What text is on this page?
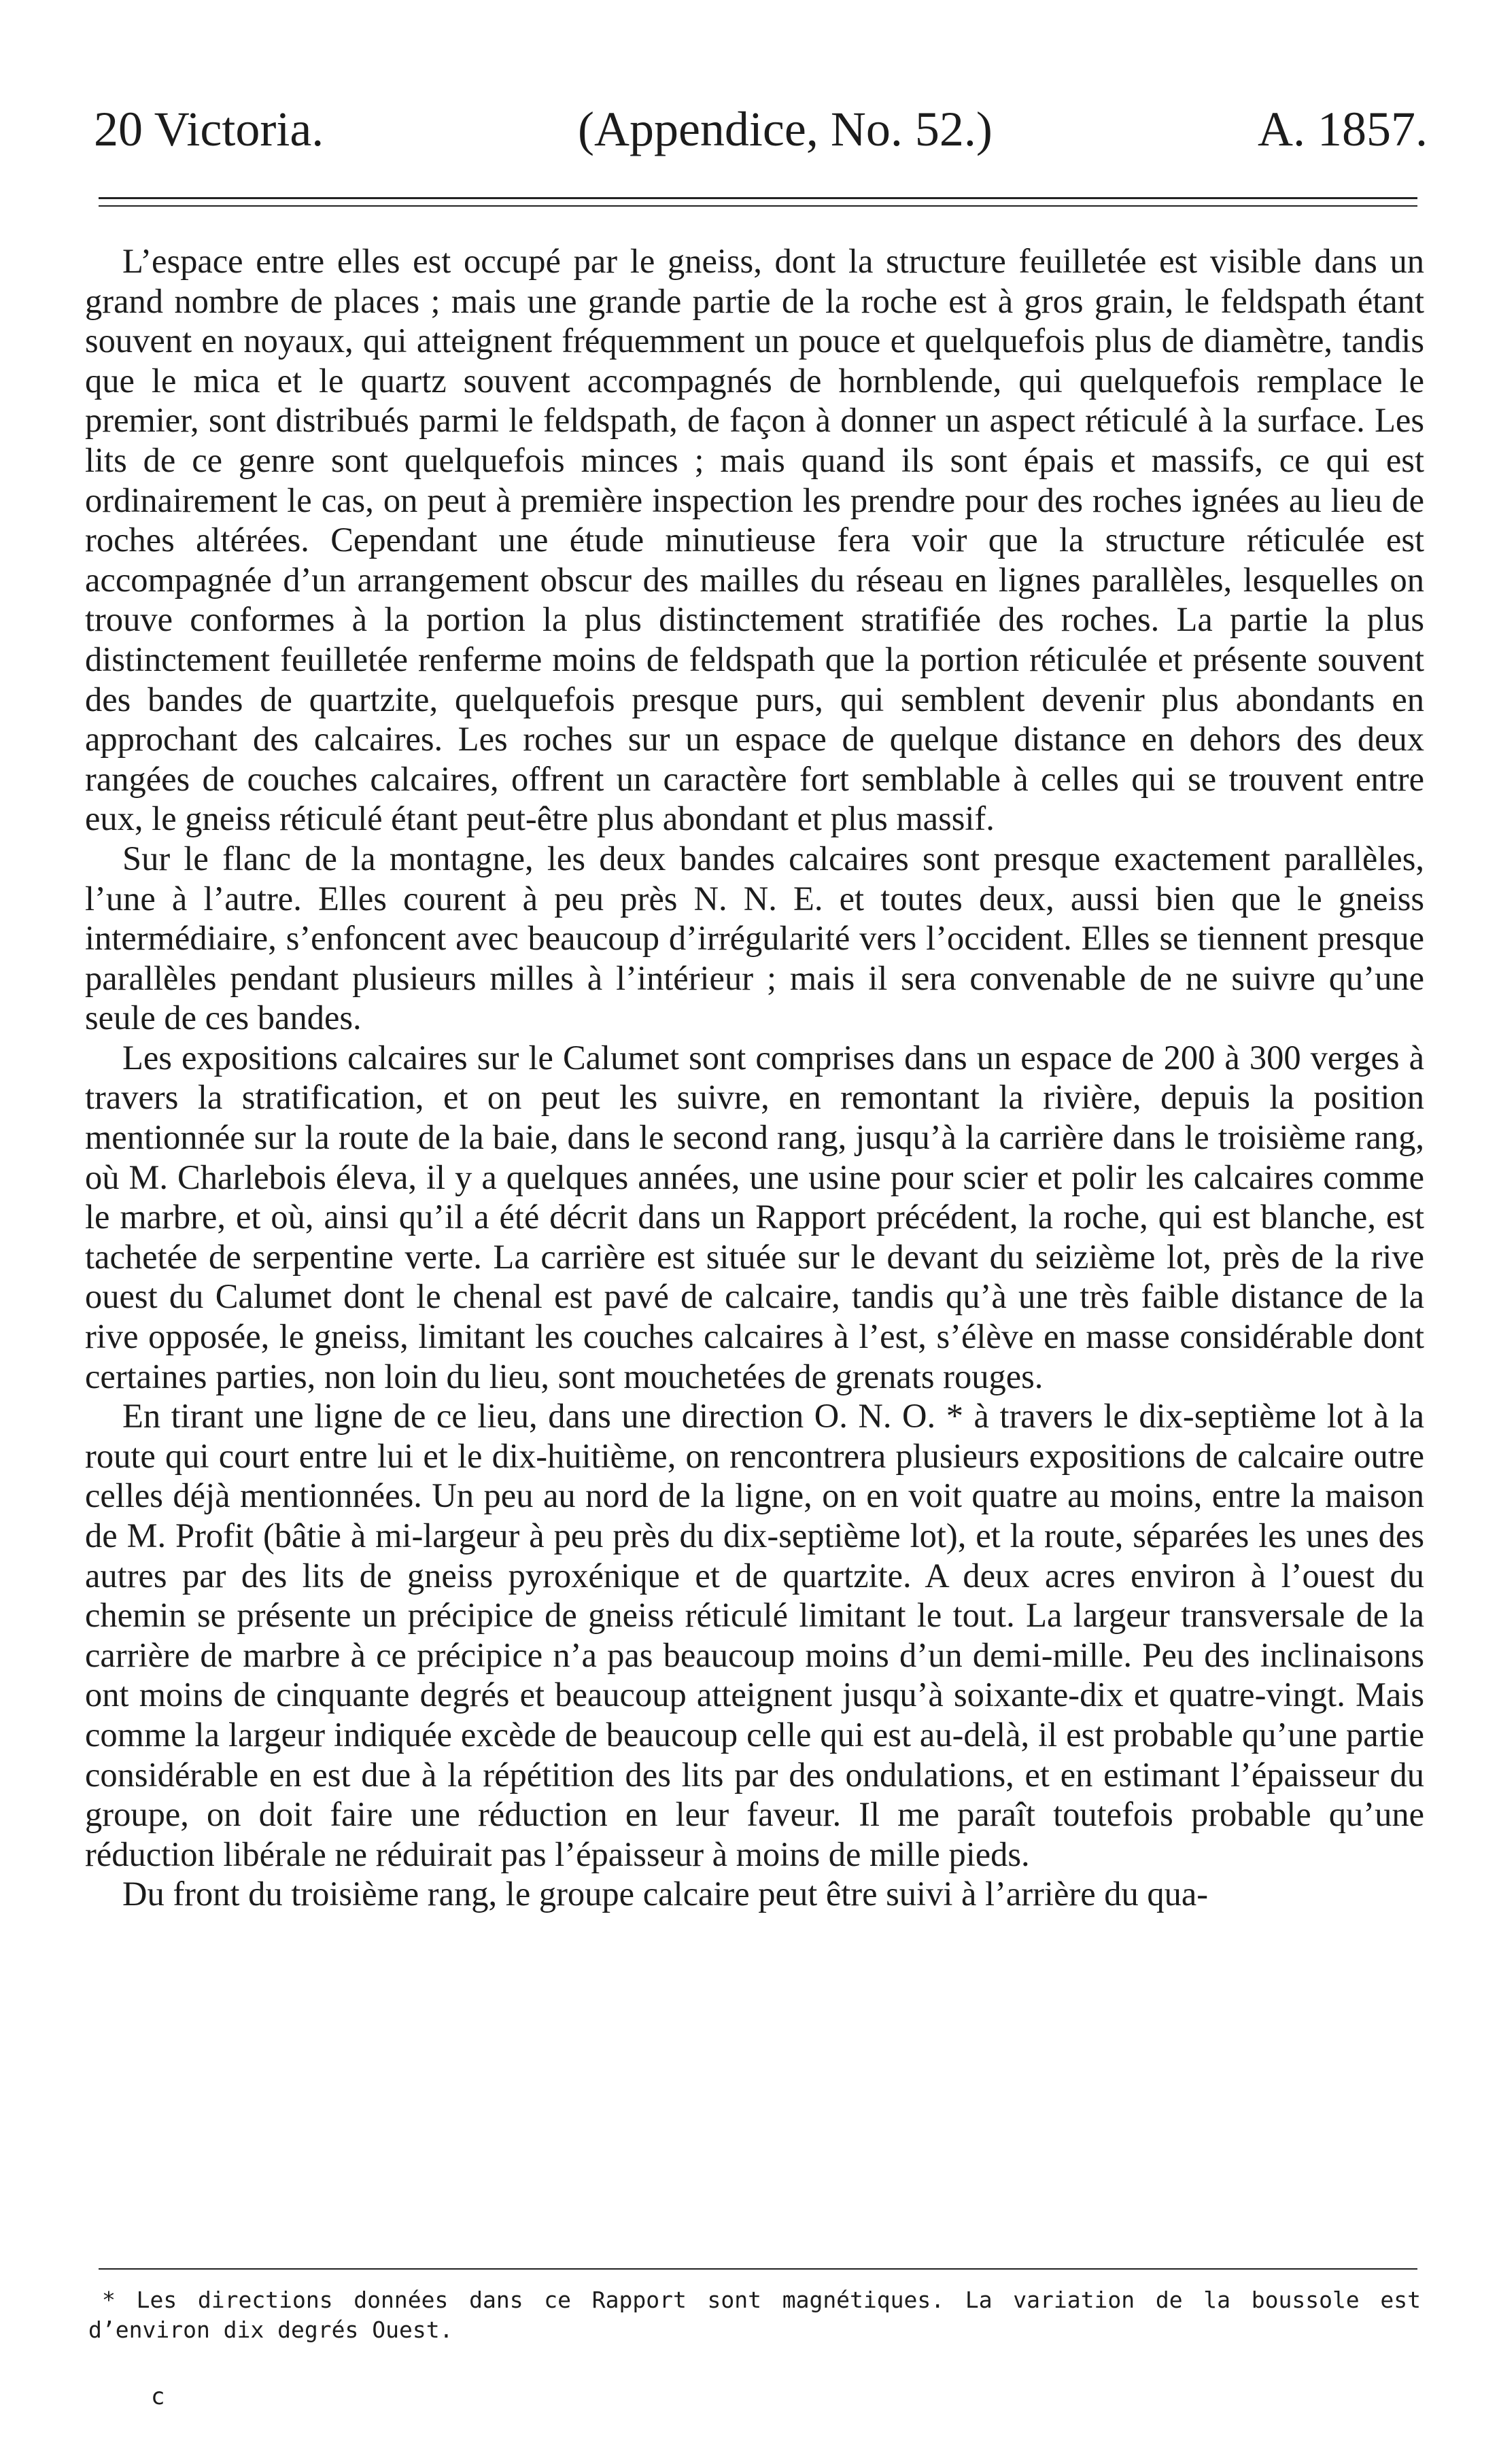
20 Victoria.	(Appendice, No. 52.)	A. 1857.

L’espace entre elles est occupé par le gneiss, dont la structure feuilletée est visible dans un grand nombre de places ; mais une grande partie de la roche est à gros grain, le feldspath étant souvent en noyaux, qui atteignent fréquemment un pouce et quelquefois plus de diamètre, tandis que le mica et le quartz souvent accompagnés de hornblende, qui quelquefois remplace le premier, sont distribués parmi le feldspath, de façon à donner un aspect réticulé à la surface. Les lits de ce genre sont quelquefois minces ; mais quand ils sont épais et massifs, ce qui est ordinairement le cas, on peut à première inspection les prendre pour des roches ignées au lieu de roches altérées. Cependant une étude minutieuse fera voir que la structure réticulée est accompagnée d’un arrangement obscur des mailles du réseau en lignes parallèles, lesquelles on trouve conformes à la portion la plus distinctement stratifiée des roches. La partie la plus distinctement feuilletée renferme moins de feldspath que la portion réticulée et présente souvent des bandes de quartzite, quelquefois presque purs, qui semblent devenir plus abondants en approchant des calcaires. Les roches sur un espace de quelque distance en dehors des deux rangées de couches calcaires, offrent un caractère fort semblable à celles qui se trouvent entre eux, le gneiss réticulé étant peut-être plus abondant et plus massif.

Sur le flanc de la montagne, les deux bandes calcaires sont presque exactement parallèles, l’une à l’autre. Elles courent à peu près N. N. E. et toutes deux, aussi bien que le gneiss intermédiaire, s’enfoncent avec beaucoup d’irrégularité vers l’occident. Elles se tiennent presque parallèles pendant plusieurs milles à l’intérieur ; mais il sera convenable de ne suivre qu’une seule de ces bandes.

Les expositions calcaires sur le Calumet sont comprises dans un espace de 200 à 300 verges à travers la stratification, et on peut les suivre, en remontant la rivière, depuis la position mentionnée sur la route de la baie, dans le second rang, jusqu’à la carrière dans le troisième rang, où M. Charlebois éleva, il y a quelques années, une usine pour scier et polir les calcaires comme le marbre, et où, ainsi qu’il a été décrit dans un Rapport précédent, la roche, qui est blanche, est tachetée de serpentine verte. La carrière est située sur le devant du seizième lot, près de la rive ouest du Calumet dont le chenal est pavé de calcaire, tandis qu’à une très faible distance de la rive opposée, le gneiss, limitant les couches calcaires à l’est, s’élève en masse considérable dont certaines parties, non loin du lieu, sont mouchetées de grenats rouges.

En tirant une ligne de ce lieu, dans une direction O. N. O. * à travers le dix-septième lot à la route qui court entre lui et le dix-huitième, on rencontrera plusieurs expositions de calcaire outre celles déjà mentionnées. Un peu au nord de la ligne, on en voit quatre au moins, entre la maison de M. Profit (bâtie à mi-largeur à peu près du dix-septième lot), et la route, séparées les unes des autres par des lits de gneiss pyroxénique et de quartzite. A deux acres environ à l’ouest du chemin se présente un précipice de gneiss réticulé limitant le tout. La largeur transversale de la carrière de marbre à ce précipice n’a pas beaucoup moins d’un demi-mille. Peu des inclinaisons ont moins de cinquante degrés et beaucoup atteignent jusqu’à soixante-dix et quatre-vingt. Mais comme la largeur indiquée excède de beaucoup celle qui est au-delà, il est probable qu’une partie considérable en est due à la répétition des lits par des ondulations, et en estimant l’épaisseur du groupe, on doit faire une réduction en leur faveur. Il me paraît toutefois probable qu’une réduction libérale ne réduirait pas l’épaisseur à moins de mille pieds.

Du front du troisième rang, le groupe calcaire peut être suivi à l’arrière du qua-

* Les directions données dans ce Rapport sont magnétiques. La variation de la boussole est d’environ dix degrés Ouest.

c
